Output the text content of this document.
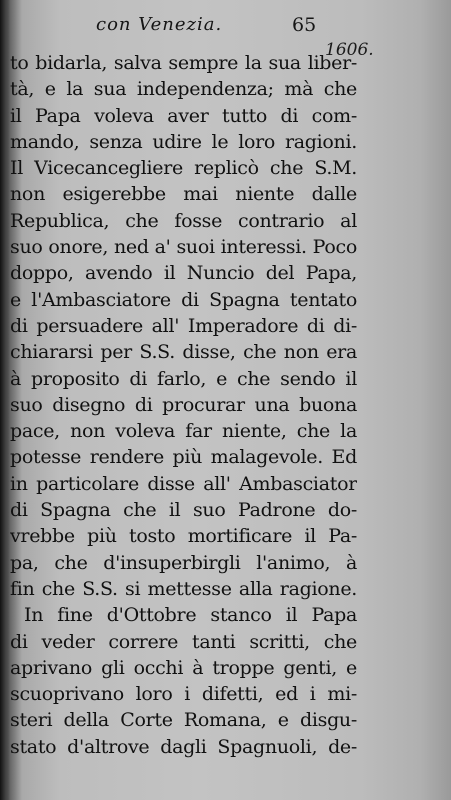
con Venezia.	65
1606.
to bidarla, salva sempre la sua liber-
tà, e la sua independenza; mà che
il Papa voleva aver tutto di com-
mando, senza udire le loro ragioni.
Il Vicecancegliere replicò che S.M.
non esigerebbe mai niente dalle
Republica, che fosse contrario al
suo onore, ned a' suoi interessi. Poco
doppo, avendo il Nuncio del Papa,
e l'Ambasciatore di Spagna tentato
di persuadere all' Imperadore di di-
chiararsi per S.S. disse, che non era
à proposito di farlo, e che sendo il
suo disegno di procurar una buona
pace, non voleva far niente, che la
potesse rendere più malagevole. Ed
in particolare disse all' Ambasciator
di Spagna che il suo Padrone do-
vrebbe più tosto mortificare il Pa-
pa, che d'insuperbirgli l'animo, à
fin che S.S. si mettesse alla ragione.
In fine d'Ottobre stanco il Papa
di veder correre tanti scritti, che
aprivano gli occhi à troppe genti, e
scuoprivano loro i difetti, ed i mi-
steri della Corte Romana, e disgu-
stato d'altrove dagli Spagnuoli, de-
